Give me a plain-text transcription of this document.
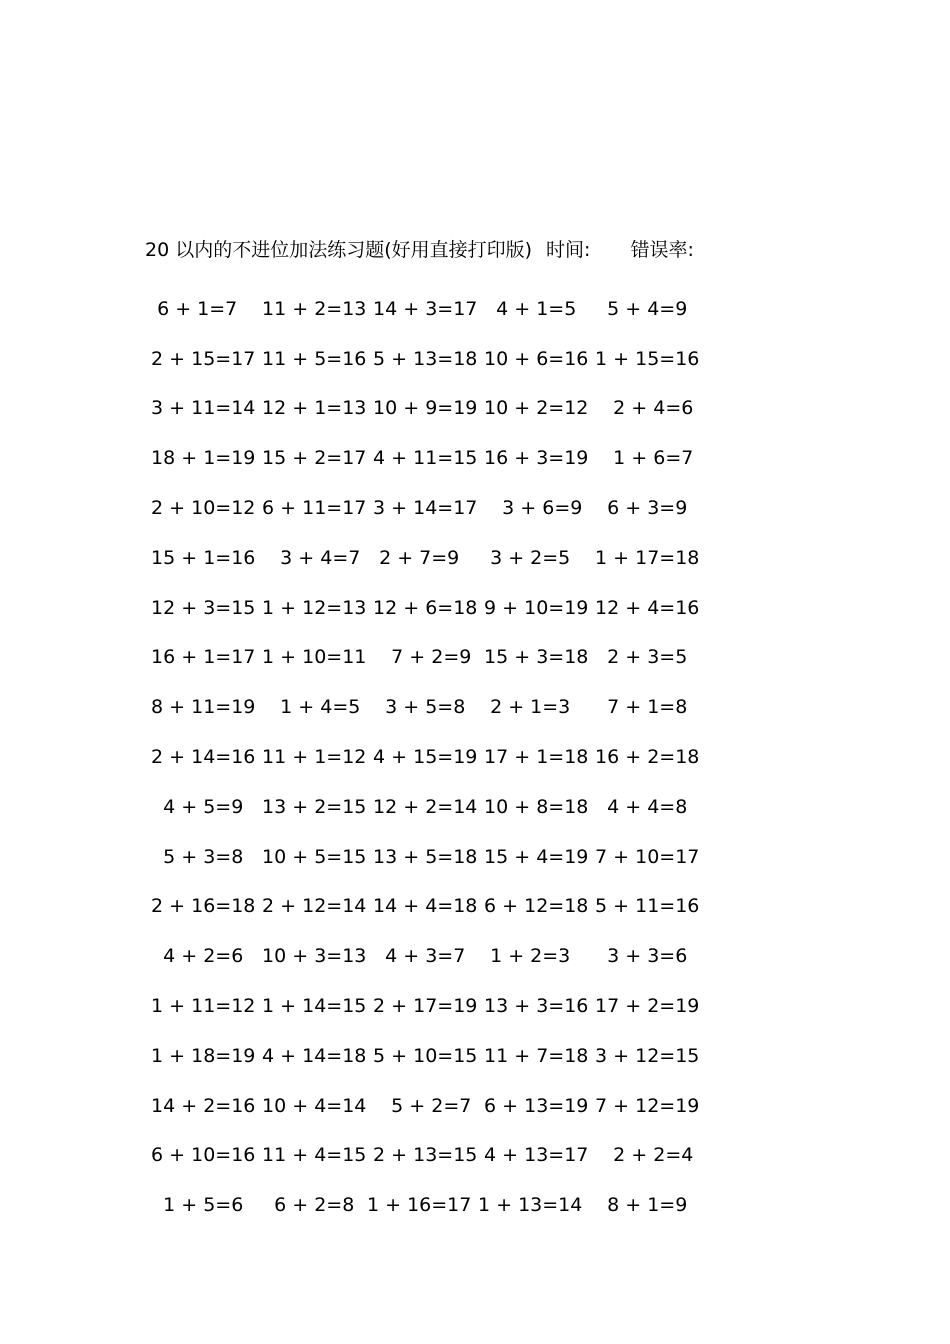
20 以内的不进位加法练习题(好用直接打印版) 时间: 错误率:
6 + 1=7 11 + 2=13 14 + 3=17 4 + 1=5 5 + 4=9
2 + 15=17 11 + 5=16 5 + 13=18 10 + 6=16 1 + 15=16
3 + 11=14 12 + 1=13 10 + 9=19 10 + 2=12 2 + 4=6
18 + 1=19 15 + 2=17 4 + 11=15 16 + 3=19 1 + 6=7
2 + 10=12 6 + 11=17 3 + 14=17 3 + 6=9 6 + 3=9
15 + 1=16 3 + 4=7 2 + 7=9 3 + 2=5 1 + 17=18
12 + 3=15 1 + 12=13 12 + 6=18 9 + 10=19 12 + 4=16
16 + 1=17 1 + 10=11 7 + 2=9 15 + 3=18 2 + 3=5
8 + 11=19 1 + 4=5 3 + 5=8 2 + 1=3 7 + 1=8
2 + 14=16 11 + 1=12 4 + 15=19 17 + 1=18 16 + 2=18
4 + 5=9 13 + 2=15 12 + 2=14 10 + 8=18 4 + 4=8
5 + 3=8 10 + 5=15 13 + 5=18 15 + 4=19 7 + 10=17
2 + 16=18 2 + 12=14 14 + 4=18 6 + 12=18 5 + 11=16
4 + 2=6 10 + 3=13 4 + 3=7 1 + 2=3 3 + 3=6
1 + 11=12 1 + 14=15 2 + 17=19 13 + 3=16 17 + 2=19
1 + 18=19 4 + 14=18 5 + 10=15 11 + 7=18 3 + 12=15
14 + 2=16 10 + 4=14 5 + 2=7 6 + 13=19 7 + 12=19
6 + 10=16 11 + 4=15 2 + 13=15 4 + 13=17 2 + 2=4
1 + 5=6 6 + 2=8 1 + 16=17 1 + 13=14 8 + 1=9
